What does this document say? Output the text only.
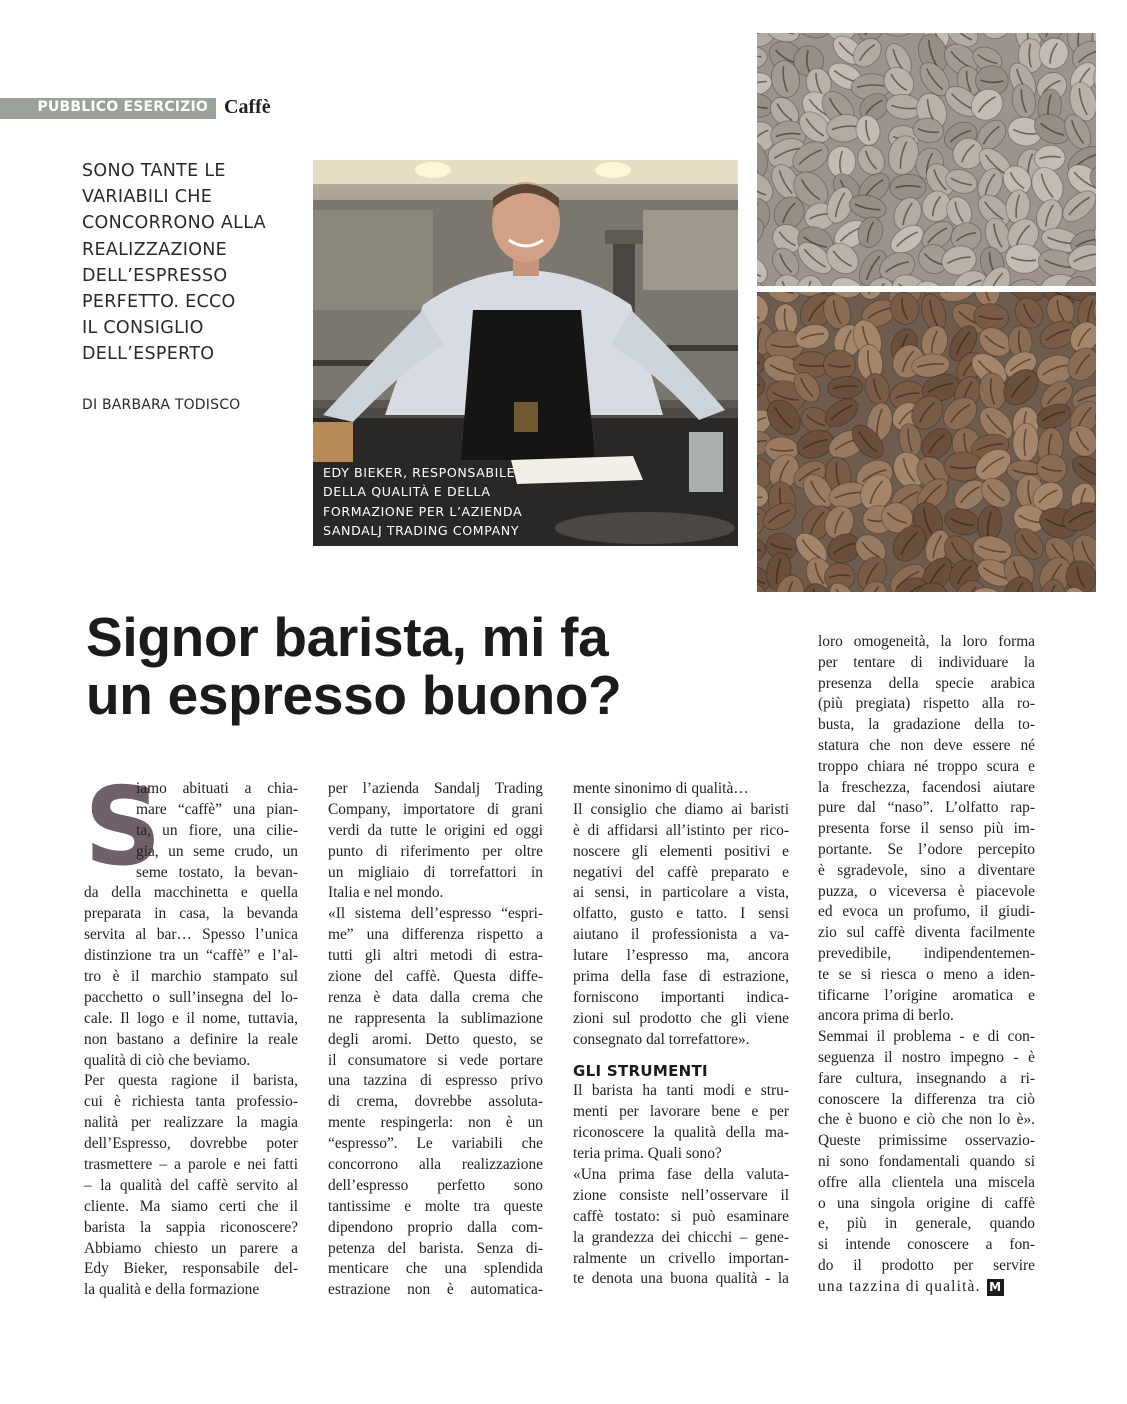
PUBBLICO ESERCIZIO Caffè
SONO TANTE LE
VARIABILI CHE
CONCORRONO ALLA
REALIZZAZIONE
DELL’ESPRESSO
PERFETTO. ECCO
IL CONSIGLIO
DELL’ESPERTO
DI BARBARA TODISCO
EDY BIEKER, RESPONSABILE
DELLA QUALITÀ E DELLA
FORMAZIONE PER L’AZIENDA
SANDALJ TRADING COMPANY
Signor barista, mi fa
un espresso buono?
S
iamo abituati a chia-
mare “caffè” una pian-
ta, un fiore, una cilie-
gia, un seme crudo, un
seme tostato, la bevan-
da della macchinetta e quella
preparata in casa, la bevanda
servita al bar… Spesso l’unica
distinzione tra un “caffè” e l’al-
tro è il marchio stampato sul
pacchetto o sull’insegna del lo-
cale. Il logo e il nome, tuttavia,
non bastano a definire la reale
qualità di ciò che beviamo.
Per questa ragione il barista,
cui è richiesta tanta professio-
nalità per realizzare la magia
dell’Espresso, dovrebbe poter
trasmettere – a parole e nei fatti
– la qualità del caffè servito al
cliente. Ma siamo certi che il
barista la sappia riconoscere?
Abbiamo chiesto un parere a
Edy Bieker, responsabile del-
la qualità e della formazione
per l’azienda Sandalj Trading
Company, importatore di grani
verdi da tutte le origini ed oggi
punto di riferimento per oltre
un migliaio di torrefattori in
Italia e nel mondo.
«Il sistema dell’espresso “espri-
me” una differenza rispetto a
tutti gli altri metodi di estra-
zione del caffè. Questa diffe-
renza è data dalla crema che
ne rappresenta la sublimazione
degli aromi. Detto questo, se
il consumatore si vede portare
una tazzina di espresso privo
di crema, dovrebbe assoluta-
mente respingerla: non è un
“espresso”. Le variabili che
concorrono alla realizzazione
dell’espresso perfetto sono
tantissime e molte tra queste
dipendono proprio dalla com-
petenza del barista. Senza di-
menticare che una splendida
estrazione non è automatica-
mente sinonimo di qualità…
Il consiglio che diamo ai baristi
è di affidarsi all’istinto per rico-
noscere gli elementi positivi e
negativi del caffè preparato e
ai sensi, in particolare a vista,
olfatto, gusto e tatto. I sensi
aiutano il professionista a va-
lutare l’espresso ma, ancora
prima della fase di estrazione,
forniscono importanti indica-
zioni sul prodotto che gli viene
consegnato dal torrefattore».
GLI STRUMENTI
Il barista ha tanti modi e stru-
menti per lavorare bene e per
riconoscere la qualità della ma-
teria prima. Quali sono?
«Una prima fase della valuta-
zione consiste nell’osservare il
caffè tostato: si può esaminare
la grandezza dei chicchi – gene-
ralmente un crivello importan-
te denota una buona qualità - la
loro omogeneità, la loro forma
per tentare di individuare la
presenza della specie arabica
(più pregiata) rispetto alla ro-
busta, la gradazione della to-
statura che non deve essere né
troppo chiara né troppo scura e
la freschezza, facendosi aiutare
pure dal “naso”. L’olfatto rap-
presenta forse il senso più im-
portante. Se l’odore percepito
è sgradevole, sino a diventare
puzza, o viceversa è piacevole
ed evoca un profumo, il giudi-
zio sul caffè diventa facilmente
prevedibile, indipendentemen-
te se si riesca o meno a iden-
tificarne l’origine aromatica e
ancora prima di berlo.
Semmai il problema - e di con-
seguenza il nostro impegno - è
fare cultura, insegnando a ri-
conoscere la differenza tra ciò
che è buono e ciò che non lo è».
Queste primissime osservazio-
ni sono fondamentali quando si
offre alla clientela una miscela
o una singola origine di caffè
e, più in generale, quando
si intende conoscere a fon-
do il prodotto per servire
una tazzina di qualità. M
